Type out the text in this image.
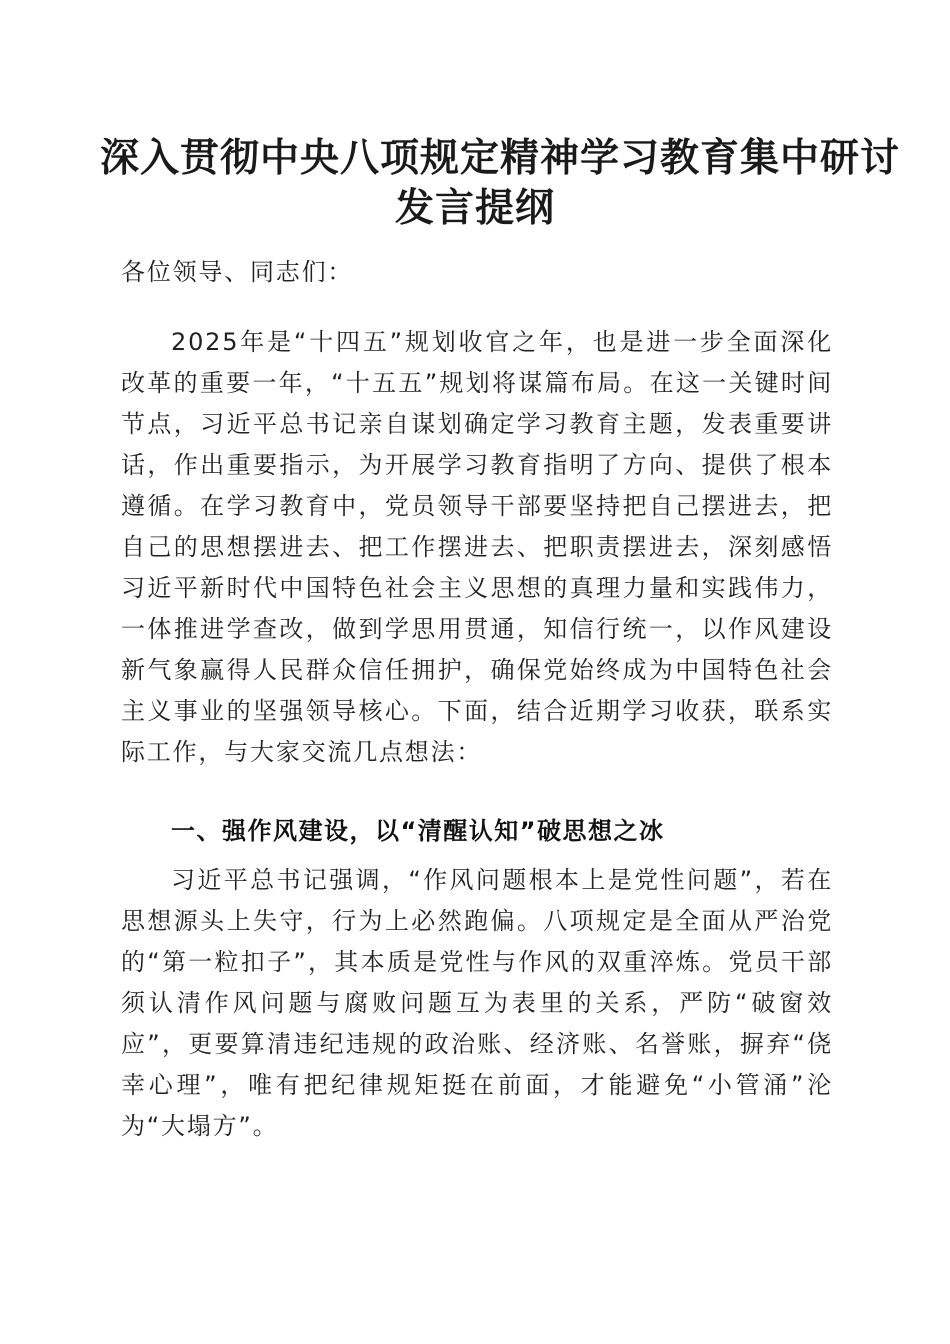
深入贯彻中央八项规定精神学习教育集中研讨
发言提纲

各位领导、同志们：

2025年是“十四五”规划收官之年，也是进一步全面深化改革的重要一年，“十五五”规划将谋篇布局。在这一关键时间节点，习近平总书记亲自谋划确定学习教育主题，发表重要讲话，作出重要指示，为开展学习教育指明了方向、提供了根本遵循。在学习教育中，党员领导干部要坚持把自己摆进去，把自己的思想摆进去、把工作摆进去、把职责摆进去，深刻感悟习近平新时代中国特色社会主义思想的真理力量和实践伟力，一体推进学查改，做到学思用贯通，知信行统一，以作风建设新气象赢得人民群众信任拥护，确保党始终成为中国特色社会主义事业的坚强领导核心。下面，结合近期学习收获，联系实际工作，与大家交流几点想法：

一、强作风建设，以“清醒认知”破思想之冰

习近平总书记强调，“作风问题根本上是党性问题”，若在思想源头上失守，行为上必然跑偏。八项规定是全面从严治党的“第一粒扣子”，其本质是党性与作风的双重淬炼。党员干部须认清作风问题与腐败问题互为表里的关系，严防“破窗效应”，更要算清违纪违规的政治账、经济账、名誉账，摒弃“侥幸心理”，唯有把纪律规矩挺在前面，才能避免“小管涌”沦为“大塌方”。
